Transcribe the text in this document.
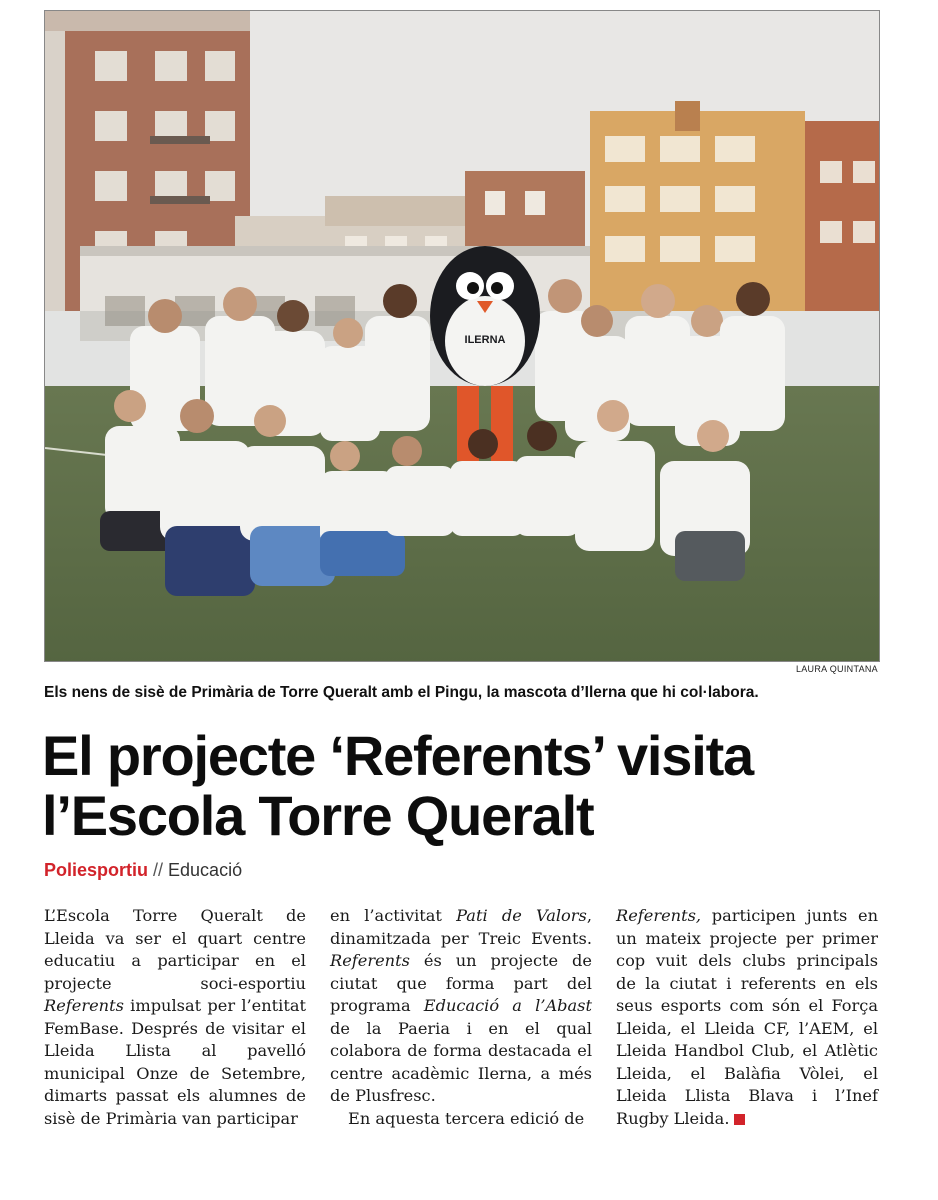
ILERNA
LAURA QUINTANA
Els nens de sisè de Primària de Torre Queralt amb el Pingu, la mascota d’Ilerna que hi col·labora.
El projecte ‘Referents’ visita
l’Escola Torre Queralt
Poliesportiu // Educació

L’Escola Torre Queralt de Lleida va ser el quart centre educatiu a participar en el projecte soci-esportiu Referents impulsat per l’entitat FemBase. Després de visitar el Lleida Llista al pavelló municipal Onze de Setembre, dimarts passat els alumnes de sisè de Primària van participar

en l’activitat Pati de Valors, dinamitzada per Treic Events. Referents és un projecte de ciutat que forma part del programa Educació a l’Abast de la Paeria i en el qual colabora de forma destacada el centre acadèmic Ilerna, a més de Plusfresc.

En aquesta tercera edició de

Referents, participen junts en un mateix projecte per primer cop vuit dels clubs principals de la ciutat i referents en els seus esports com són el Força Lleida, el Lleida CF, l’AEM, el Lleida Handbol Club, el Atlètic Lleida, el Balàfia Vòlei, el Lleida Llista Blava i l’Inef Rugby Lleida.
